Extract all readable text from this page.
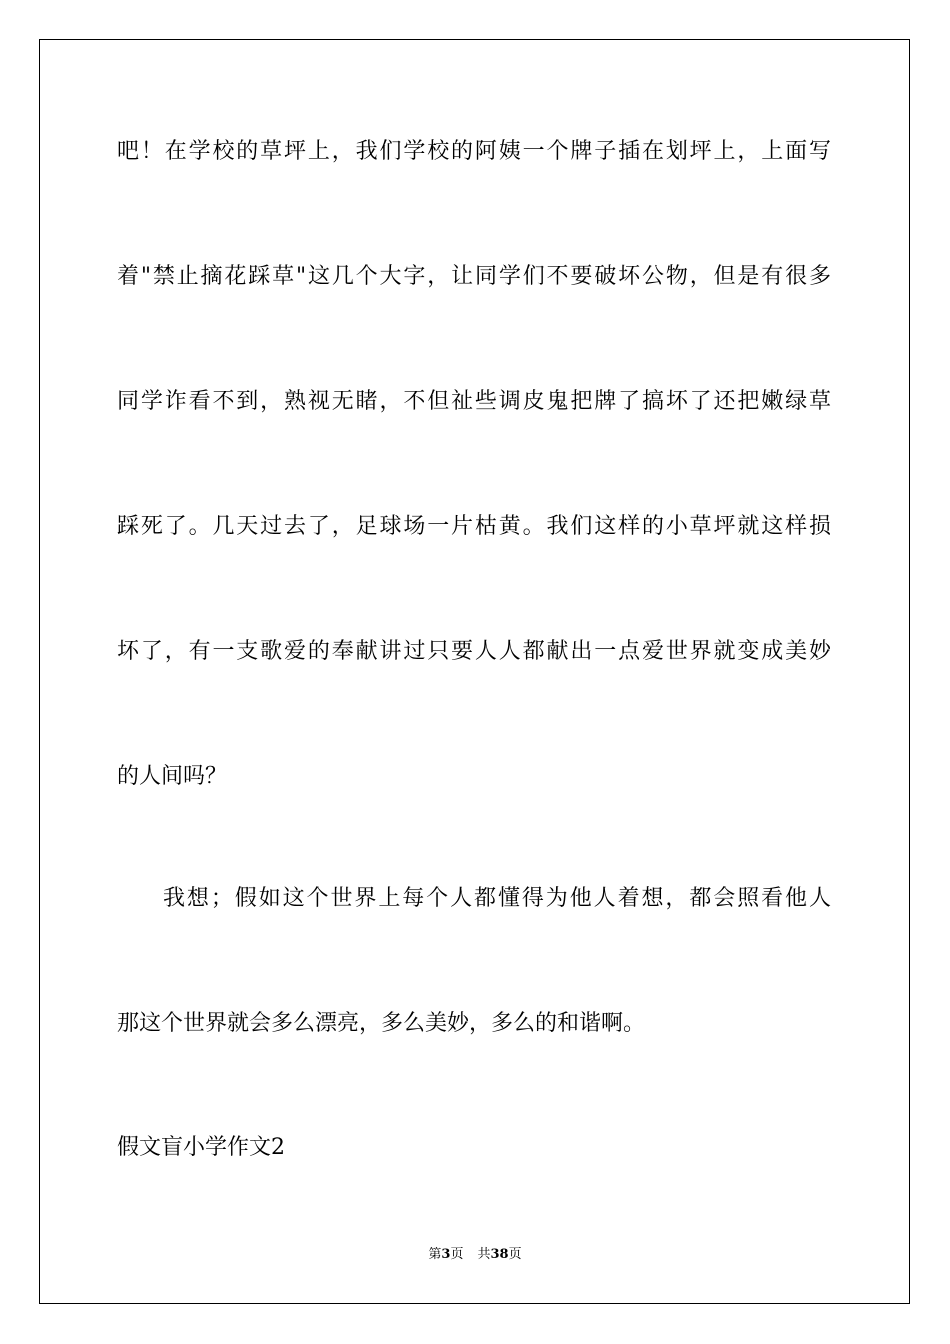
吧！在学校的草坪上，我们学校的阿姨一个牌子插在划坪上，上面写
着"禁止摘花踩草"这几个大字，让同学们不要破坏公物，但是有很多
同学诈看不到，熟视无睹，不但祉些调皮鬼把牌了搞坏了还把嫩绿草
踩死了。几天过去了，足球场一片枯黄。我们这样的小草坪就这样损
坏了，有一支歌爱的奉献讲过只要人人都献出一点爱世界就变成美妙
的人间吗？
我想；假如这个世界上每个人都懂得为他人着想，都会照看他人
那这个世界就会多么漂亮，多么美妙，多么的和谐啊。
假文盲小学作文2
第3页 共38页
